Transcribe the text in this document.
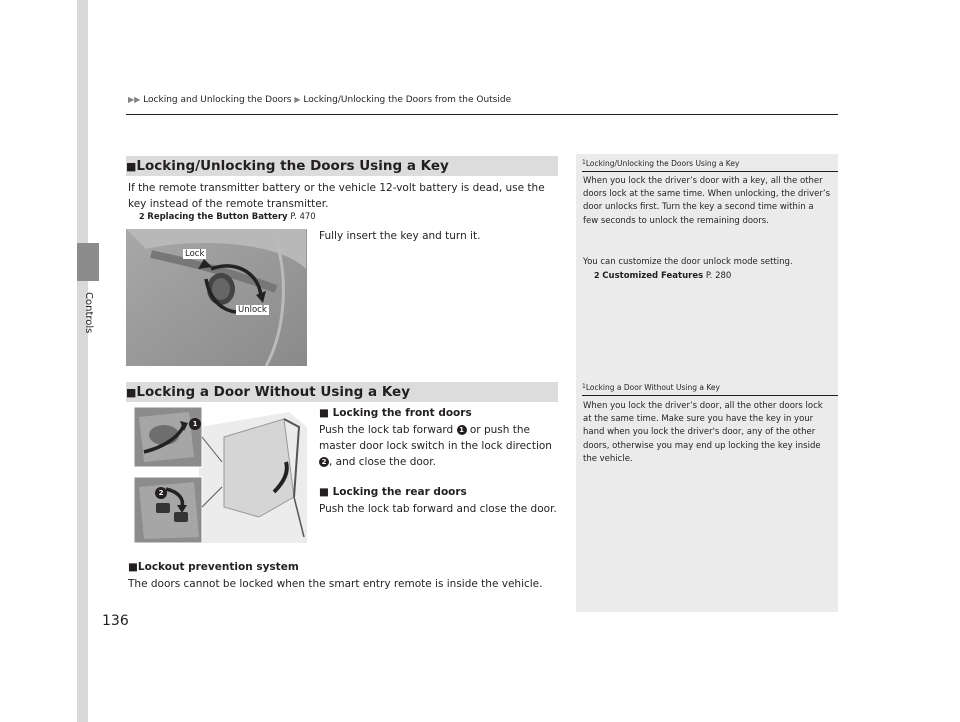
Controls
▶▶ Locking and Unlocking the Doors ▶ Locking/Unlocking the Doors from the Outside
■Locking/Unlocking the Doors Using a Key
If the remote transmitter battery or the vehicle 12-volt battery is dead, use the key instead of the remote transmitter.
2 Replacing the Button Battery P. 470
Fully insert the key and turn it.
Lock
Unlock
$^1$Locking/Unlocking the Doors Using a Key
When you lock the driver’s door with a key, all the other doors lock at the same time. When unlocking, the driver’s door unlocks first. Turn the key a second time within a few seconds to unlock the remaining doors.
You can customize the door unlock mode setting.
2 Customized Features P. 280
■Locking a Door Without Using a Key
1
2
■ Locking the front doors
Push the lock tab forward 1 or push the master door lock switch in the lock direction 2 , and close the door.
■ Locking the rear doors
Push the lock tab forward and close the door.
■Lockout prevention system
The doors cannot be locked when the smart entry remote is inside the vehicle.
$^1$Locking a Door Without Using a Key
When you lock the driver’s door, all the other doors lock at the same time. Make sure you have the key in your hand when you lock the driver's door, any of the other doors, otherwise you may end up locking the key inside the vehicle.
136
